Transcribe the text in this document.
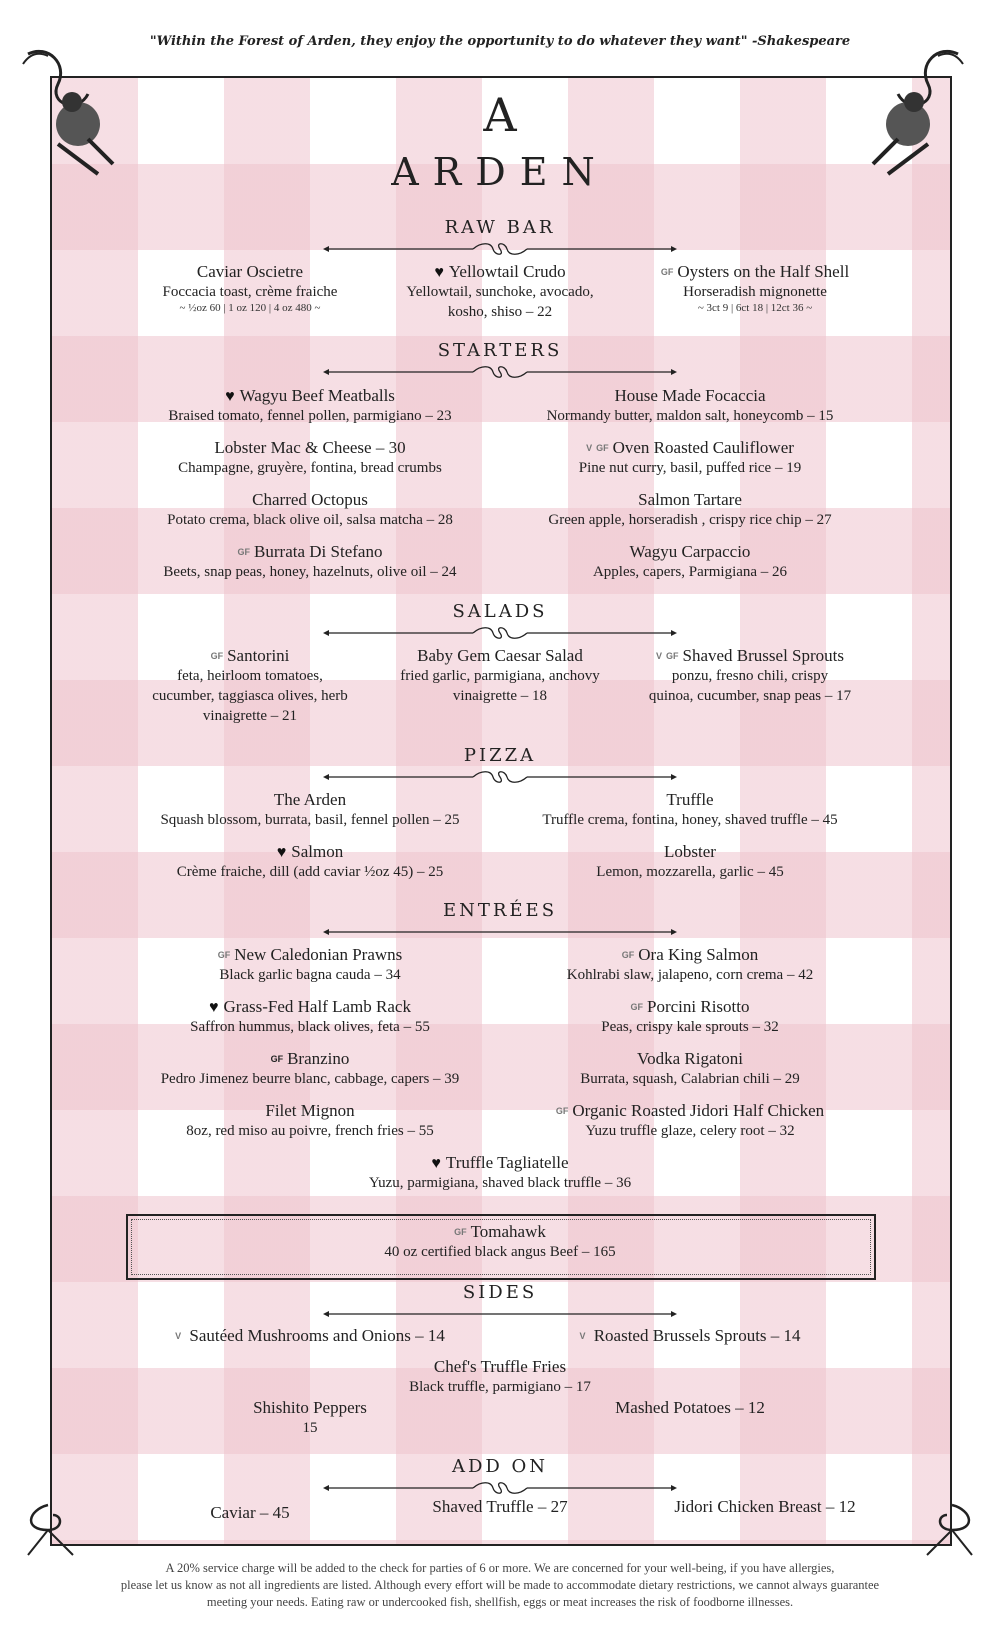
"Within the Forest of Arden, they enjoy the opportunity to do whatever they want" -Shakespeare
A
ARDEN
RAW BAR
Caviar Oscietre
Foccacia toast, crème fraiche
~ ½oz 60 | 1 oz 120 | 4 oz 480 ~
♥ Yellowtail Crudo
Yellowtail, sunchoke, avocado,
kosho, shiso – 22
GF Oysters on the Half Shell
Horseradish mignonette
~ 3ct 9 | 6ct 18 | 12ct 36 ~
STARTERS
♥ Wagyu Beef Meatballs
Braised tomato, fennel pollen, parmigiano – 23
House Made Focaccia
Normandy butter, maldon salt, honeycomb – 15
Lobster Mac & Cheese – 30
Champagne, gruyère, fontina, bread crumbs
V GF Oven Roasted Cauliflower
Pine nut curry, basil, puffed rice – 19
Charred Octopus
Potato crema, black olive oil, salsa matcha – 28
Salmon Tartare
Green apple, horseradish , crispy rice chip – 27
GF Burrata Di Stefano
Beets, snap peas, honey, hazelnuts, olive oil – 24
Wagyu Carpaccio
Apples, capers, Parmigiana – 26
SALADS
GF Santorini
feta, heirloom tomatoes,
cucumber, taggiasca olives, herb
vinaigrette – 21
Baby Gem Caesar Salad
fried garlic, parmigiana, anchovy
vinaigrette – 18
V GF Shaved Brussel Sprouts
ponzu, fresno chili, crispy
quinoa, cucumber, snap peas – 17
PIZZA
The Arden
Squash blossom, burrata, basil, fennel pollen – 25
Truffle
Truffle crema, fontina, honey, shaved truffle – 45
♥ Salmon
Crème fraiche, dill (add caviar ½oz 45) – 25
Lobster
Lemon, mozzarella, garlic – 45
ENTRÉES
GF New Caledonian Prawns
Black garlic bagna cauda – 34
GF Ora King Salmon
Kohlrabi slaw, jalapeno, corn crema – 42
♥ Grass-Fed Half Lamb Rack
Saffron hummus, black olives, feta – 55
GF Porcini Risotto
Peas, crispy kale sprouts – 32
GF Branzino
Pedro Jimenez beurre blanc, cabbage, capers – 39
Vodka Rigatoni
Burrata, squash, Calabrian chili – 29
Filet Mignon
8oz, red miso au poivre, french fries – 55
GF Organic Roasted Jidori Half Chicken
Yuzu truffle glaze, celery root – 32
♥ Truffle Tagliatelle
Yuzu, parmigiana, shaved black truffle – 36
GF Tomahawk
40 oz certified black angus Beef – 165
SIDES
V Sautéed Mushrooms and Onions – 14	V Roasted Brussels Sprouts – 14
Chef's Truffle Fries
Black truffle, parmigiano – 17
Shishito Peppers
15
Mashed Potatoes – 12
ADD ON
Caviar – 45	Shaved Truffle – 27	Jidori Chicken Breast – 12
A 20% service charge will be added to the check for parties of 6 or more. We are concerned for your well-being, if you have allergies,
please let us know as not all ingredients are listed. Although every effort will be made to accommodate dietary restrictions, we cannot always guarantee
meeting your needs. Eating raw or undercooked fish, shellfish, eggs or meat increases the risk of foodborne illnesses.
